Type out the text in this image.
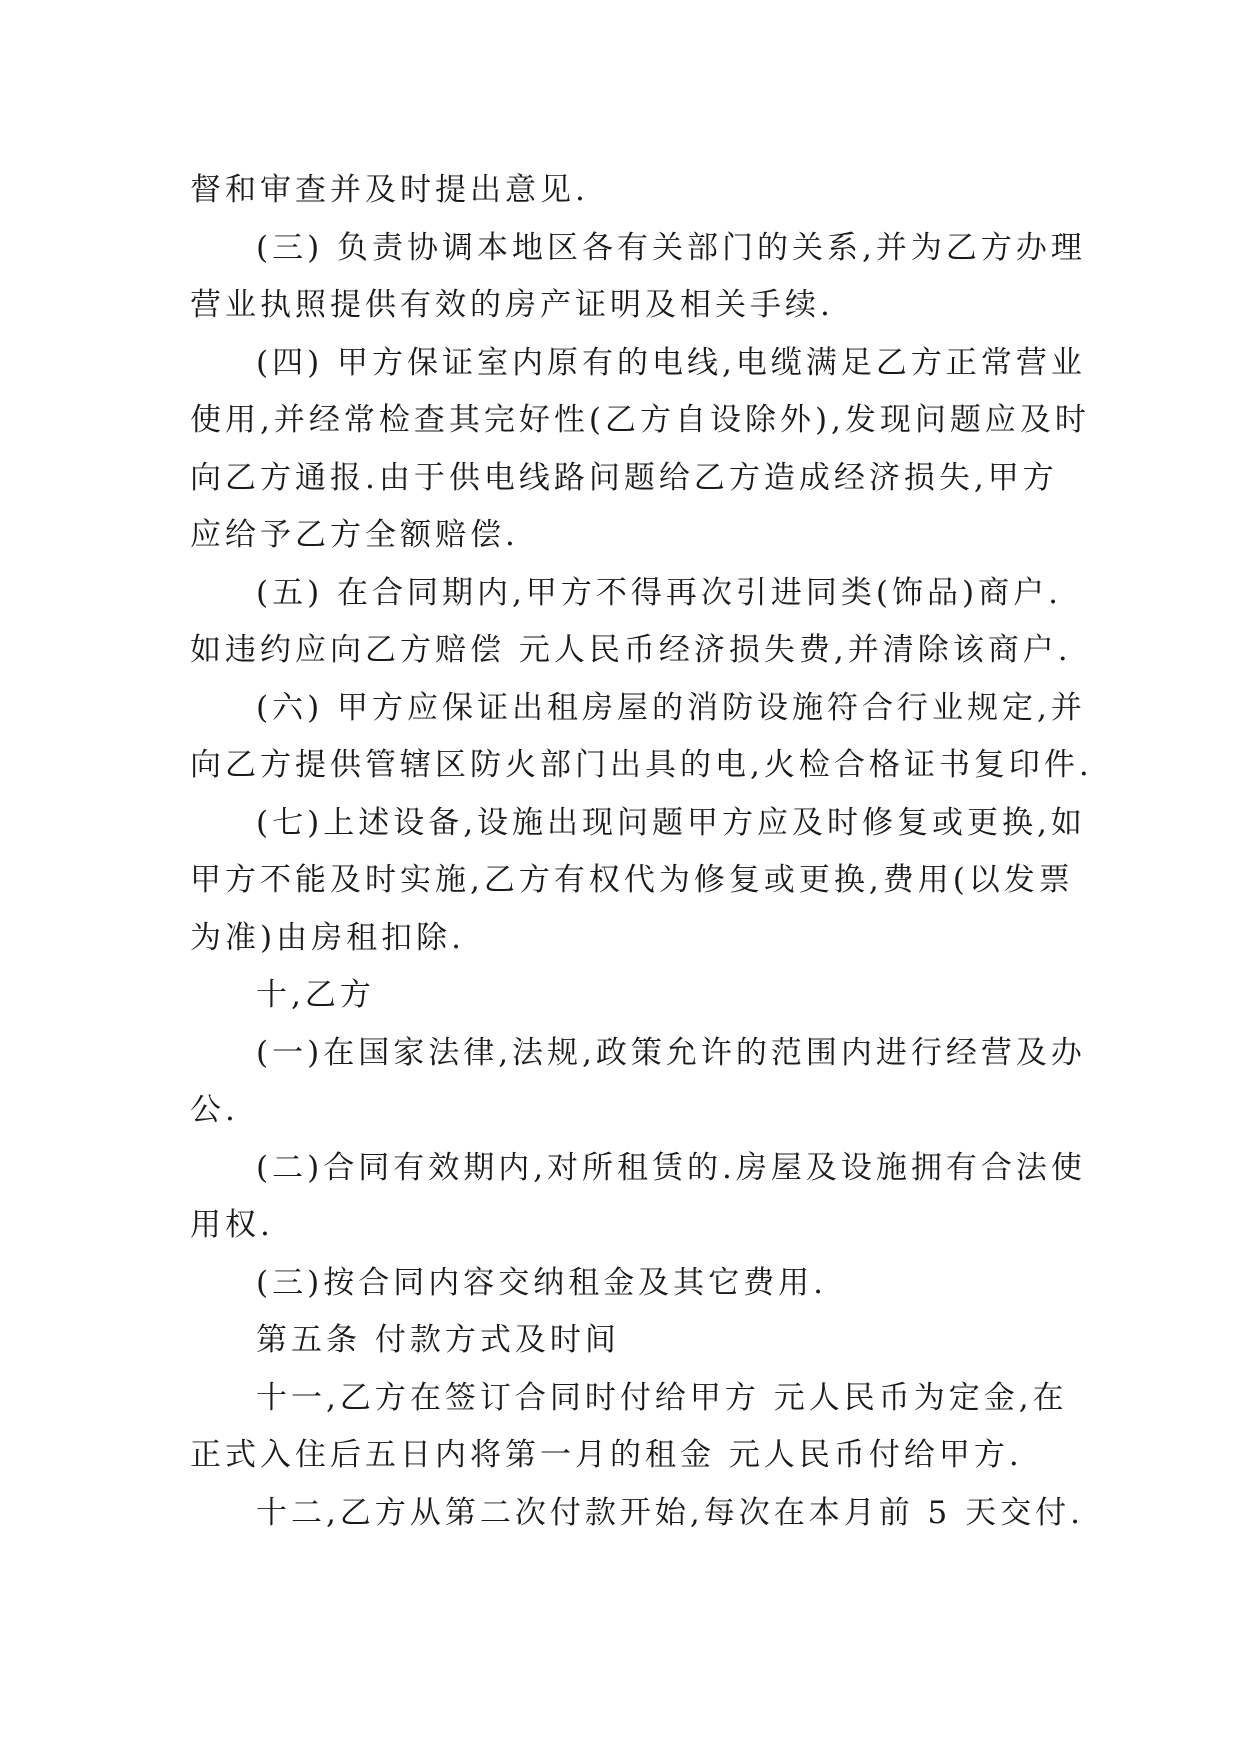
督和审查并及时提出意见.

(三) 负责协调本地区各有关部门的关系,并为乙方办理
营业执照提供有效的房产证明及相关手续.

(四) 甲方保证室内原有的电线,电缆满足乙方正常营业
使用,并经常检查其完好性(乙方自设除外),发现问题应及时
向乙方通报.由于供电线路问题给乙方造成经济损失,甲方
应给予乙方全额赔偿.

(五) 在合同期内,甲方不得再次引进同类(饰品)商户.
如违约应向乙方赔偿 元人民币经济损失费,并清除该商户.

(六) 甲方应保证出租房屋的消防设施符合行业规定,并
向乙方提供管辖区防火部门出具的电,火检合格证书复印件.

(七)上述设备,设施出现问题甲方应及时修复或更换,如
甲方不能及时实施,乙方有权代为修复或更换,费用(以发票
为准)由房租扣除.

十,乙方

(一)在国家法律,法规,政策允许的范围内进行经营及办
公.

(二)合同有效期内,对所租赁的.房屋及设施拥有合法使
用权.

(三)按合同内容交纳租金及其它费用.

第五条 付款方式及时间

十一,乙方在签订合同时付给甲方 元人民币为定金,在
正式入住后五日内将第一月的租金 元人民币付给甲方.

十二,乙方从第二次付款开始,每次在本月前 5 天交付.
